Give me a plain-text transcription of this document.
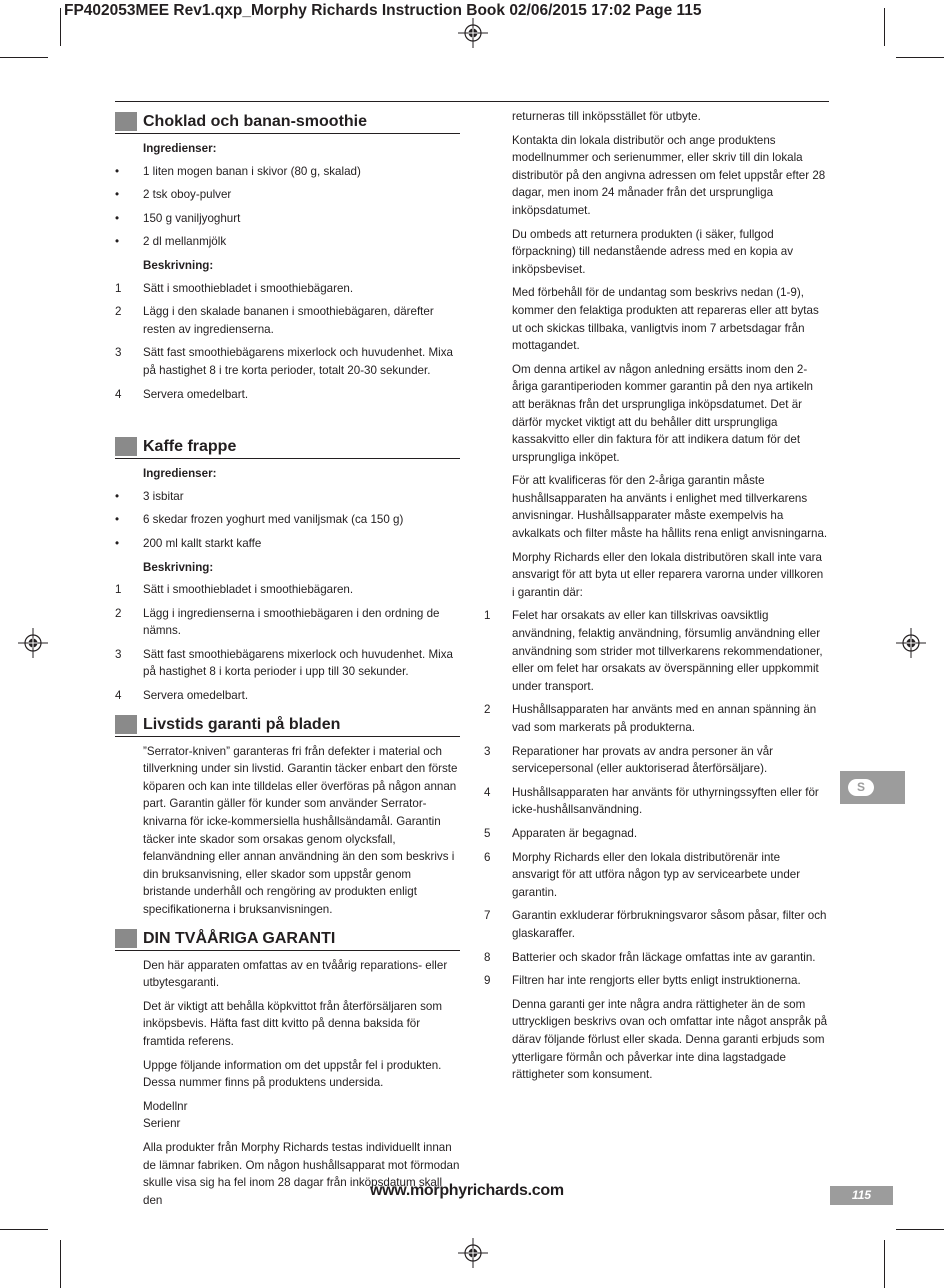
FP402053MEE Rev1.qxp_Morphy Richards Instruction Book 02/06/2015 17:02 Page 115
Choklad och banan-smoothie
Ingredienser:
•	1 liten mogen banan i skivor (80 g, skalad)
•	2 tsk oboy-pulver
•	150 g vaniljyoghurt
•	2 dl mellanmjölk
Beskrivning:
1	Sätt i smoothiebladet i smoothiebägaren.
2	Lägg i den skalade bananen i smoothiebägaren, därefter resten av ingredienserna.
3	Sätt fast smoothiebägarens mixerlock och huvudenhet. Mixa på hastighet 8 i tre korta perioder, totalt 20-30 sekunder.
4	Servera omedelbart.
Kaffe frappe
Ingredienser:
•	3 isbitar
•	6 skedar frozen yoghurt med vaniljsmak (ca 150 g)
•	200 ml kallt starkt kaffe
Beskrivning:
1	Sätt i smoothiebladet i smoothiebägaren.
2	Lägg i ingredienserna i smoothiebägaren i den ordning de nämns.
3	Sätt fast smoothiebägarens mixerlock och huvudenhet. Mixa på hastighet 8 i korta perioder i upp till 30 sekunder.
4	Servera omedelbart.
Livstids garanti på bladen
”Serrator-kniven” garanteras fri från defekter i material och tillverkning under sin livstid. Garantin täcker enbart den förste köparen och kan inte tilldelas eller överföras på någon annan part. Garantin gäller för kunder som använder Serrator-knivarna för icke-kommersiella hushållsändamål. Garantin täcker inte skador som orsakas genom olycksfall, felanvändning eller annan användning än den som beskrivs i din bruksanvisning, eller skador som uppstår genom bristande underhåll och rengöring av produkten enligt specifikationerna i bruksanvisningen.
DIN TVÅÅRIGA GARANTI
Den här apparaten omfattas av en tvåårig reparations- eller utbytesgaranti.
Det är viktigt att behålla köpkvittot från återförsäljaren som inköpsbevis. Häfta fast ditt kvitto på denna baksida för framtida referens.
Uppge följande information om det uppstår fel i produkten. Dessa nummer finns på produktens undersida.
Modellnr
Serienr
Alla produkter från Morphy Richards testas individuellt innan de lämnar fabriken. Om någon hushållsapparat mot förmodan skulle visa sig ha fel inom 28 dagar från inköpsdatum skall den
returneras till inköpsstället för utbyte.
Kontakta din lokala distributör och ange produktens modellnummer och serienummer, eller skriv till din lokala distributör på den angivna adressen om felet uppstår efter 28 dagar, men inom 24 månader från det ursprungliga inköpsdatumet.
Du ombeds att returnera produkten (i säker, fullgod förpackning) till nedanstående adress med en kopia av inköpsbeviset.
Med förbehåll för de undantag som beskrivs nedan (1-9), kommer den felaktiga produkten att repareras eller att bytas ut och skickas tillbaka, vanligtvis inom 7 arbetsdagar från mottagandet.
Om denna artikel av någon anledning ersätts inom den 2-åriga garantiperioden kommer garantin på den nya artikeln att beräknas från det ursprungliga inköpsdatumet. Det är därför mycket viktigt att du behåller ditt ursprungliga kassakvitto eller din faktura för att indikera datum för det ursprungliga inköpet.
För att kvalificeras för den 2-åriga garantin måste hushållsapparaten ha använts i enlighet med tillverkarens anvisningar. Hushållsapparater måste exempelvis ha avkalkats och filter måste ha hållits rena enligt anvisningarna.
Morphy Richards eller den lokala distributören skall inte vara ansvarigt för att byta ut eller reparera varorna under villkoren i garantin där:
1	Felet har orsakats av eller kan tillskrivas oavsiktlig användning, felaktig användning, försumlig användning eller användning som strider mot tillverkarens rekommendationer, eller om felet har orsakats av överspänning eller uppkommit under transport.
2	Hushållsapparaten har använts med en annan spänning än vad som markerats på produkterna.
3	Reparationer har provats av andra personer än vår servicepersonal (eller auktoriserad återförsäljare).
4	Hushållsapparaten har använts för uthyrningssyften eller för icke-hushållsanvändning.
5	Apparaten är begagnad.
6	Morphy Richards eller den lokala distributörenär inte ansvarigt för att utföra någon typ av servicearbete under garantin.
7	Garantin exkluderar förbrukningsvaror såsom påsar, filter och glaskaraffer.
8	Batterier och skador från läckage omfattas inte av garantin.
9	Filtren har inte rengjorts eller bytts enligt instruktionerna.
Denna garanti ger inte några andra rättigheter än de som uttryckligen beskrivs ovan och omfattar inte något anspråk på därav följande förlust eller skada. Denna garanti erbjuds som ytterligare förmån och påverkar inte dina lagstadgade rättigheter som konsument.
S
www.morphyrichards.com	115
